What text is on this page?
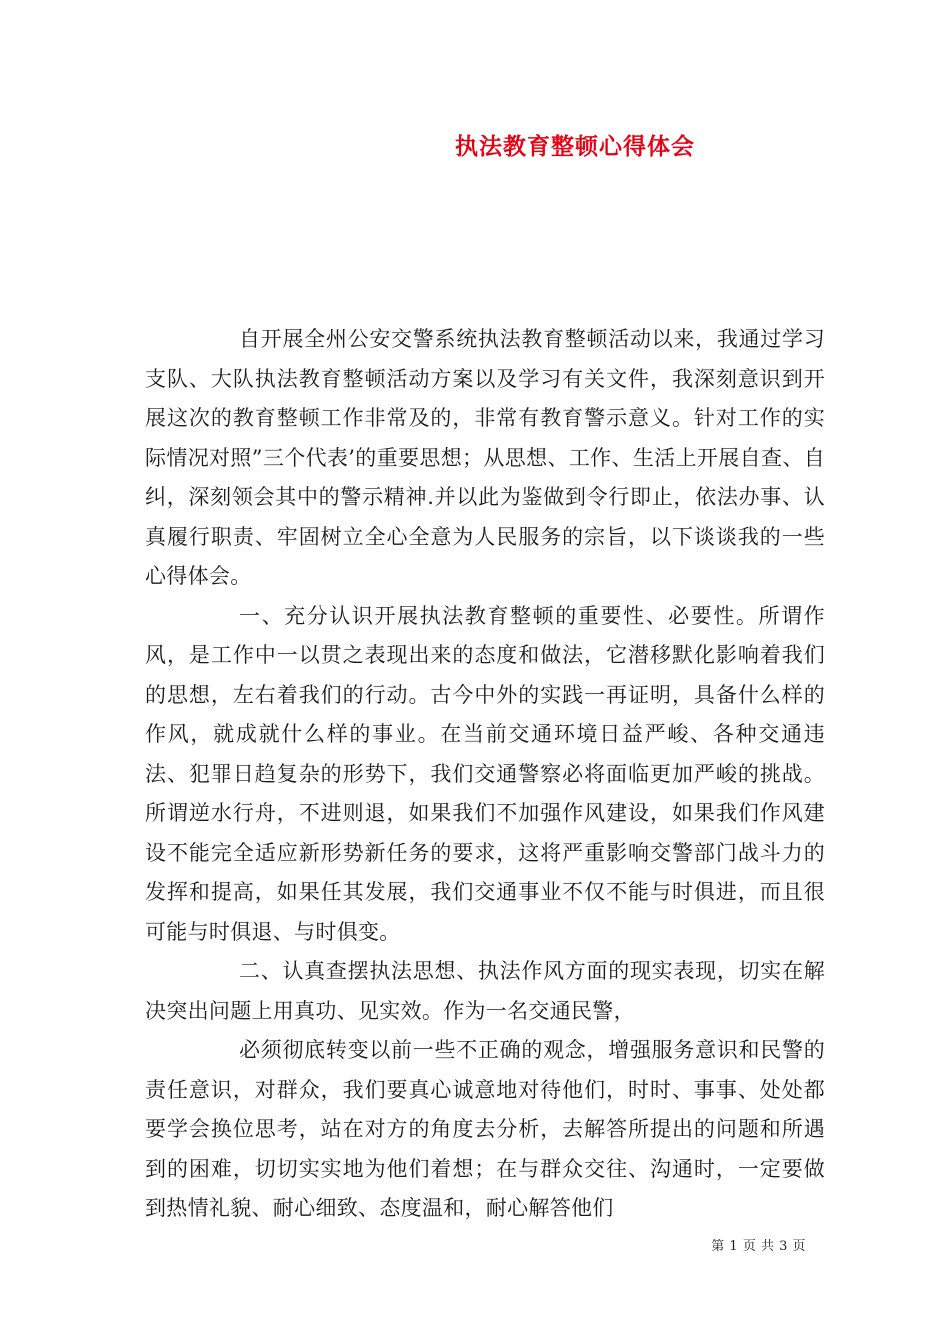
执法教育整顿心得体会

自开展全州公安交警系统执法教育整顿活动以来，我通过学习支队、大队执法教育整顿活动方案以及学习有关文件，我深刻意识到开展这次的教育整顿工作非常及的，非常有教育警示意义。针对工作的实际情况对照”三个代表’的重要思想；从思想、工作、生活上开展自查、自纠，深刻领会其中的警示精神.并以此为鉴做到令行即止，依法办事、认真履行职责、牢固树立全心全意为人民服务的宗旨，以下谈谈我的一些心得体会。

一、充分认识开展执法教育整顿的重要性、必要性。所谓作风，是工作中一以贯之表现出来的态度和做法，它潜移默化影响着我们的思想，左右着我们的行动。古今中外的实践一再证明，具备什么样的作风，就成就什么样的事业。在当前交通环境日益严峻、各种交通违法、犯罪日趋复杂的形势下，我们交通警察必将面临更加严峻的挑战。所谓逆水行舟，不进则退，如果我们不加强作风建设，如果我们作风建设不能完全适应新形势新任务的要求，这将严重影响交警部门战斗力的发挥和提高，如果任其发展，我们交通事业不仅不能与时俱进，而且很可能与时俱退、与时俱变。

二、认真查摆执法思想、执法作风方面的现实表现，切实在解决突出问题上用真功、见实效。作为一名交通民警，

必须彻底转变以前一些不正确的观念，增强服务意识和民警的责任意识，对群众，我们要真心诚意地对待他们，时时、事事、处处都要学会换位思考，站在对方的角度去分析，去解答所提出的问题和所遇到的困难，切切实实地为他们着想；在与群众交往、沟通时，一定要做到热情礼貌、耐心细致、态度温和，耐心解答他们

第 1 页 共 3 页
